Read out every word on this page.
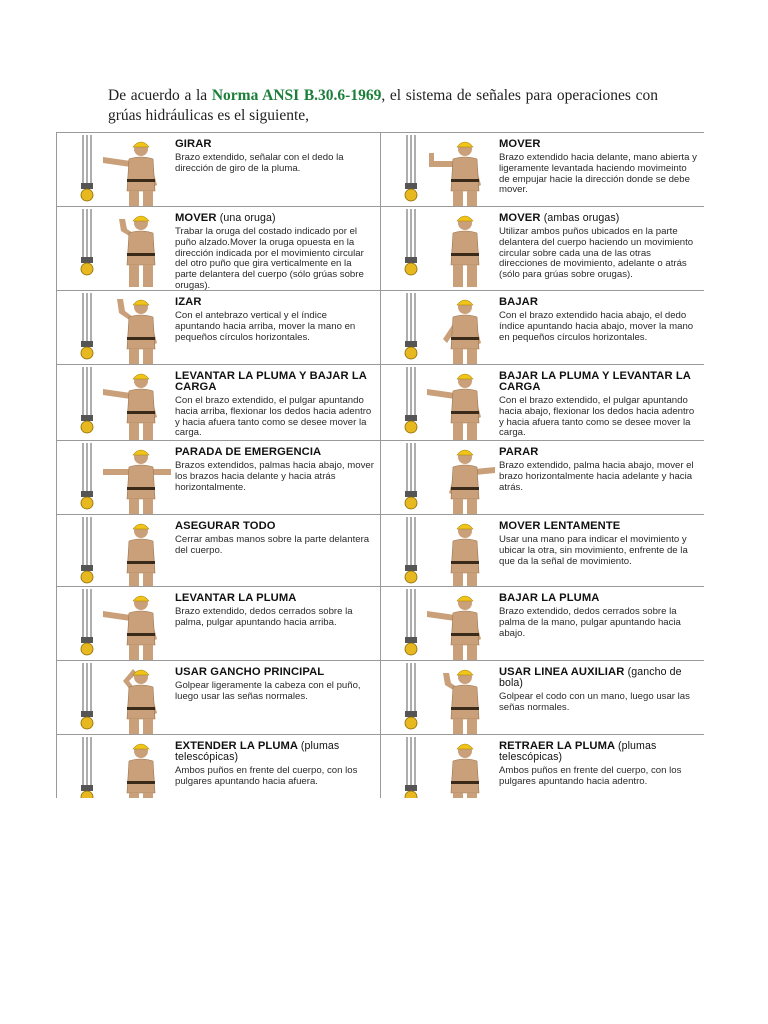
De acuerdo a la Norma ANSI B.30.6-1969, el sistema de señales para operaciones con grúas hidráulicas es el siguiente,
GIRAR
Brazo extendido, señalar con el dedo la dirección de giro de la pluma.
MOVER
Brazo extendido hacia delante, mano abierta y ligeramente levantada haciendo movimeinto de empujar hacie la dirección donde se debe mover.
MOVER (una oruga)
Trabar la oruga del costado indicado por el puño alzado.Mover la oruga opuesta en la dirección indicada por el movimiento circular del otro puño que gira verticalmente en la parte delantera del cuerpo (sólo grúas sobre orugas).
MOVER (ambas orugas)
Utilizar ambos puños ubicados en la parte delantera del cuerpo haciendo un movimiento circular sobre cada una de las otras direcciones de movimiento, adelante o atrás (sólo para grúas sobre orugas).
IZAR
Con el antebrazo vertical y el índice apuntando hacia arriba, mover la mano en pequeños círculos horizontales.
BAJAR
Con el brazo extendido hacia abajo, el dedo índice apuntando hacia abajo, mover la mano en pequeños círculos horizontales.
LEVANTAR LA PLUMA Y BAJAR LA CARGA
Con el brazo extendido, el pulgar apuntando hacia arriba, flexionar los dedos hacia adentro y hacia afuera tanto como se desee mover la carga.
BAJAR LA PLUMA Y LEVANTAR LA CARGA
Con el brazo extendido, el pulgar apuntando hacia abajo, flexionar los dedos hacia adentro y hacia afuera tanto como se desee mover la carga.
PARADA DE EMERGENCIA
Brazos extendidos, palmas hacia abajo, mover los brazos hacia delante y hacia atrás horizontalmente.
PARAR
Brazo extendido, palma hacia abajo, mover el brazo horizontalmente hacia adelante y hacia atrás.
ASEGURAR TODO
Cerrar ambas manos sobre la parte delantera del cuerpo.
MOVER LENTAMENTE
Usar una mano para indicar el movimiento y ubicar la otra, sin movimiento, enfrente de la que da la señal de movimiento.
LEVANTAR LA PLUMA
Brazo extendido, dedos cerrados sobre la palma, pulgar apuntando hacia arriba.
BAJAR LA PLUMA
Brazo extendido, dedos cerrados sobre la palma de la mano, pulgar apuntando hacia abajo.
USAR GANCHO PRINCIPAL
Golpear ligeramente la cabeza con el puño, luego usar las señas normales.
USAR LINEA AUXILIAR (gancho de bola)
Golpear el codo con un mano, luego usar las señas normales.
EXTENDER LA PLUMA (plumas telescópicas)
Ambos puños en frente del cuerpo, con los pulgares apuntando hacia afuera.
RETRAER LA PLUMA (plumas telescópicas)
Ambos puños en frente del cuerpo, con los pulgares apuntando hacia adentro.
